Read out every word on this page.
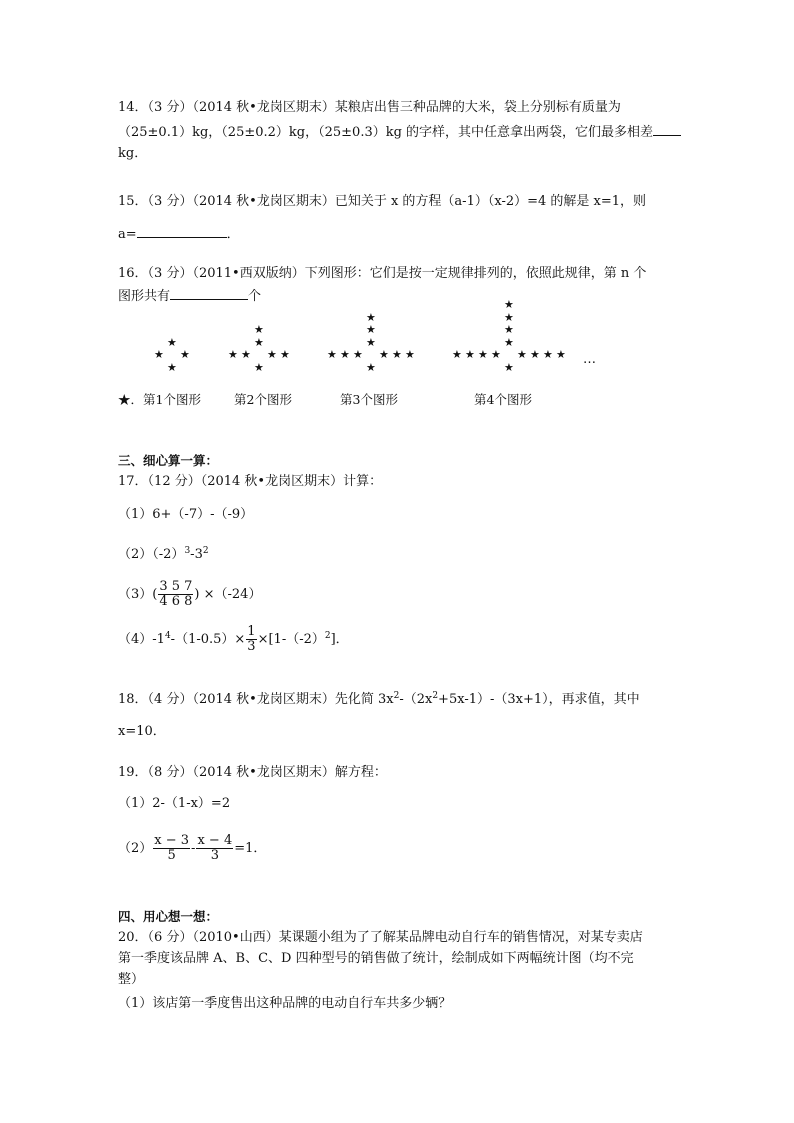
14．（3 分）（2014 秋•龙岗区期末）某粮店出售三种品牌的大米，袋上分别标有质量为
（25±0.1）kg，（25±0.2）kg，（25±0.3）kg 的字样，其中任意拿出两袋，它们最多相差
kg．
15．（3 分）（2014 秋•龙岗区期末）已知关于 x 的方程（a-1）（x-2）=4 的解是 x=1，则
a=	．
16．（3 分）（2011•西双版纳）下列图形：它们是按一定规律排列的，依照此规律，第 n 个
图形共有	个
★ ★
★
★
★ ★
★
★	★
★
★
★ ★
★
★	★
★
★	★
★
★
★ ★
★
★	★
★
★	★
★
★	★
★
★	…
★．第1个图形	第2个图形	第3个图形	第4个图形
三、细心算一算：
17．（12 分）（2014 秋•龙岗区期末）计算：
（1）6+（-7）-（-9）
$(2)(-2)^3-3^2$
$(3)( \frac{3 5 7}{4 6 8}$ ) ×（-24）
$(4)-1^4-(1-0.5)\times \frac{1}{3} \times[1-(-2)^2]$．
18．（4 分）（2014 秋•龙岗区期末）先化简 $3x^2-(2x^2+5x-1)-(3x+1)$，再求值，其中
x=10．
19．（8 分）（2014 秋•龙岗区期末）解方程：
（1）2-（1-x）=2
$(2) \frac{x - 3}{5} - \frac{x - 4}{3} =1$．
四、用心想一想：
20．（6 分）（2010•山西）某课题小组为了了解某品牌电动自行车的销售情况，对某专卖店
第一季度该品牌 A、B、C、D 四种型号的销售做了统计，绘制成如下两幅统计图（均不完
整）
（1）该店第一季度售出这种品牌的电动自行车共多少辆？
